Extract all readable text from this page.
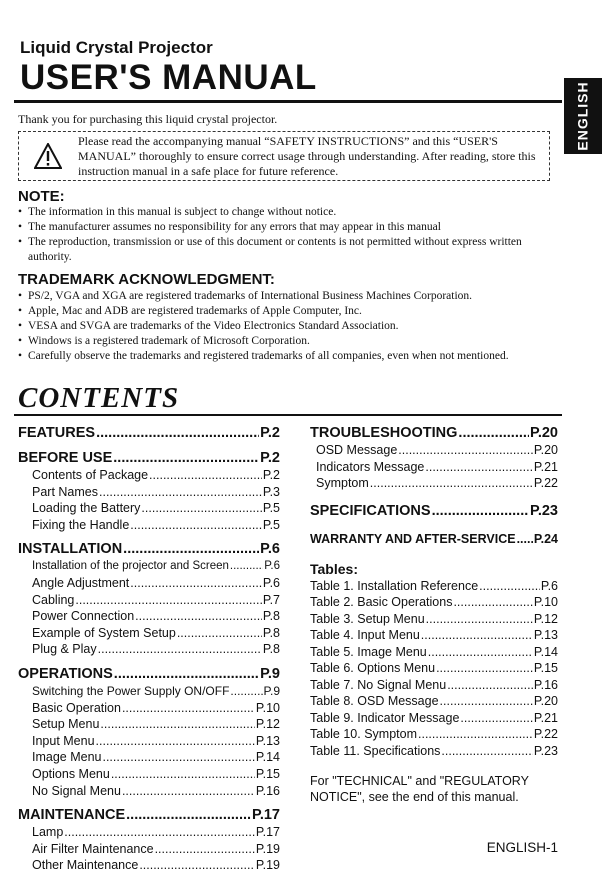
Liquid Crystal Projector
USER'S MANUAL
ENGLISH
Thank you for purchasing this liquid crystal projector.
Please read the accompanying manual “SAFETY INSTRUCTIONS” and this “USER'S MANUAL” thoroughly to ensure correct usage through understanding. After reading, store this instruction manual in a safe place for future reference.
NOTE:
• The information in this manual is subject to change without notice.
• The manufacturer assumes no responsibility for any errors that may appear in this manual
• The reproduction, transmission or use of this document or contents is not permitted without express written authority.
TRADEMARK ACKNOWLEDGMENT:
• PS/2, VGA and XGA are registered trademarks of International Business Machines Corporation.
• Apple, Mac and ADB are registered trademarks of Apple Computer, Inc.
• VESA and SVGA are trademarks of the Video Electronics Standard Association.
• Windows is a registered trademark of Microsoft Corporation.
• Carefully observe the trademarks and registered trademarks of all companies, even when not mentioned.
CONTENTS
FEATURES .....	P.2
BEFORE USE .....	P.2
Contents of Package .....	P.2
Part Names .....	P.3
Loading the Battery .....	P.5
Fixing the Handle .....	P.5
INSTALLATION .....	P.6
Installation of the projector and Screen .....	P.6
Angle Adjustment .....	P.6
Cabling .....	P.7
Power Connection .....	P.8
Example of System Setup .....	P.8
Plug & Play .....	P.8
OPERATIONS .....	P.9
Switching the Power Supply ON/OFF .....	P.9
Basic Operation .....	P.10
Setup Menu .....	P.12
Input Menu .....	P.13
Image Menu .....	P.14
Options Menu .....	P.15
No Signal Menu .....	P.16
MAINTENANCE .....	P.17
Lamp .....	P.17
Air Filter Maintenance .....	P.19
Other Maintenance .....	P.19
TROUBLESHOOTING .....	P.20
OSD Message .....	P.20
Indicators Message .....	P.21
Symptom .....	P.22
SPECIFICATIONS .....	P.23
WARRANTY AND AFTER-SERVICE ..... P.24
Tables:
Table 1. Installation Reference .....	P.6
Table 2. Basic Operations .....	P.10
Table 3. Setup Menu .....	P.12
Table 4. Input Menu .....	P.13
Table 5. Image Menu .....	P.14
Table 6. Options Menu .....	P.15
Table 7. No Signal Menu .....	P.16
Table 8. OSD Message .....	P.20
Table 9. Indicator Message .....	P.21
Table 10. Symptom .....	P.22
Table 11. Specifications .....	P.23
For "TECHNICAL" and "REGULATORY NOTICE", see the end of this manual.
ENGLISH-1
